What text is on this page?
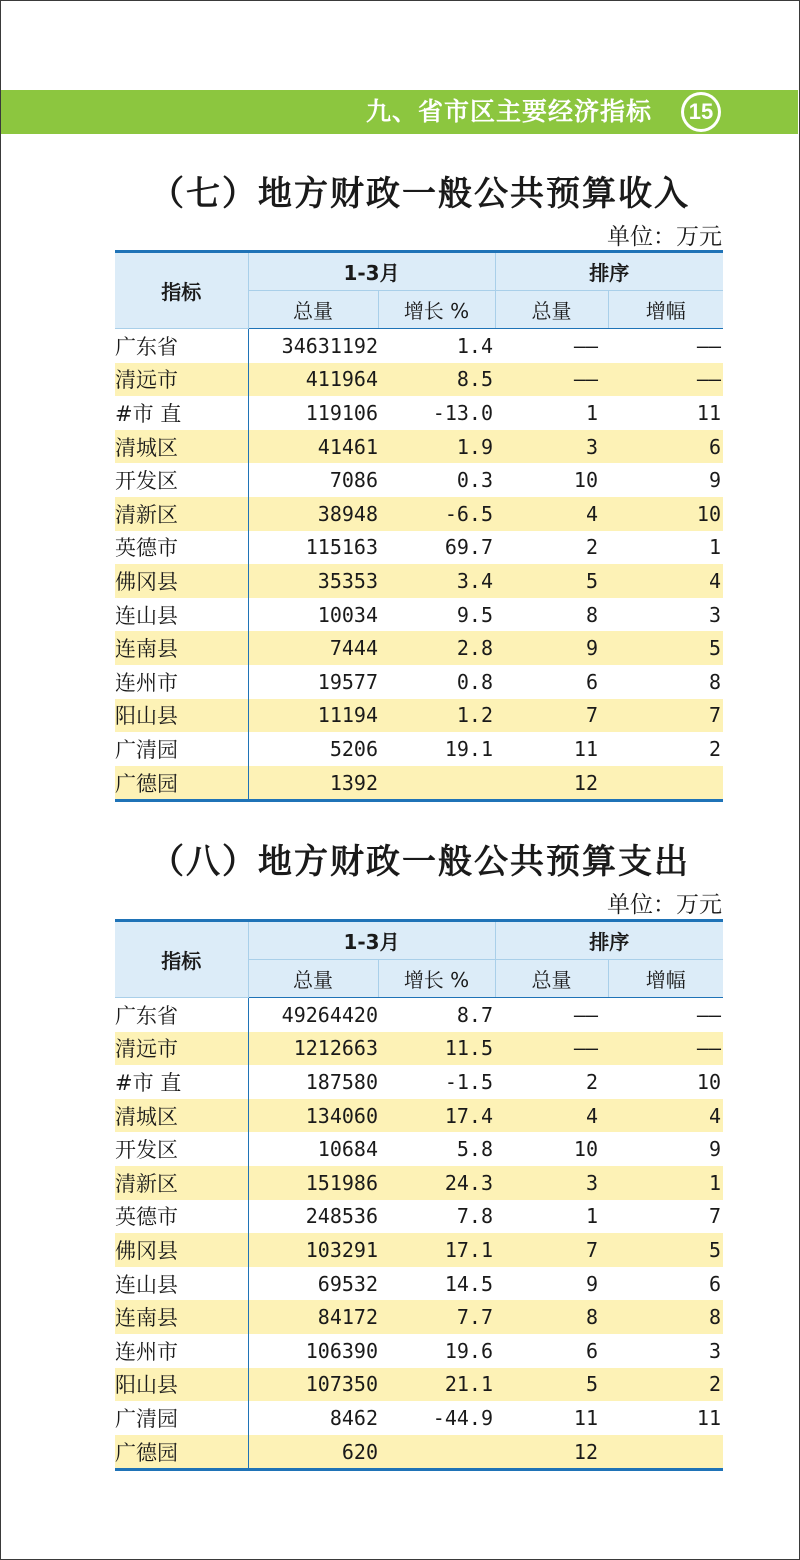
九、省市区主要经济指标 15
（七）地方财政一般公共预算收入
单位：万元
指标	1-3月		排序	
	总量	增长 %	总量	增幅
广东省	34631192	1.4	——	——
清远市	411964	8.5	——	——
#市 直	119106	-13.0	1	11
清城区	41461	1.9	3	6
开发区	7086	0.3	10	9
清新区	38948	-6.5	4	10
英德市	115163	69.7	2	1
佛冈县	35353	3.4	5	4
连山县	10034	9.5	8	3
连南县	7444	2.8	9	5
连州市	19577	0.8	6	8
阳山县	11194	1.2	7	7
广清园	5206	19.1	11	2
广德园	1392		12	
（八）地方财政一般公共预算支出
单位：万元
指标	1-3月		排序	
	总量	增长 %	总量	增幅
广东省	49264420	8.7	——	——
清远市	1212663	11.5	——	——
#市 直	187580	-1.5	2	10
清城区	134060	17.4	4	4
开发区	10684	5.8	10	9
清新区	151986	24.3	3	1
英德市	248536	7.8	1	7
佛冈县	103291	17.1	7	5
连山县	69532	14.5	9	6
连南县	84172	7.7	8	8
连州市	106390	19.6	6	3
阳山县	107350	21.1	5	2
广清园	8462	-44.9	11	11
广德园	620		12	
